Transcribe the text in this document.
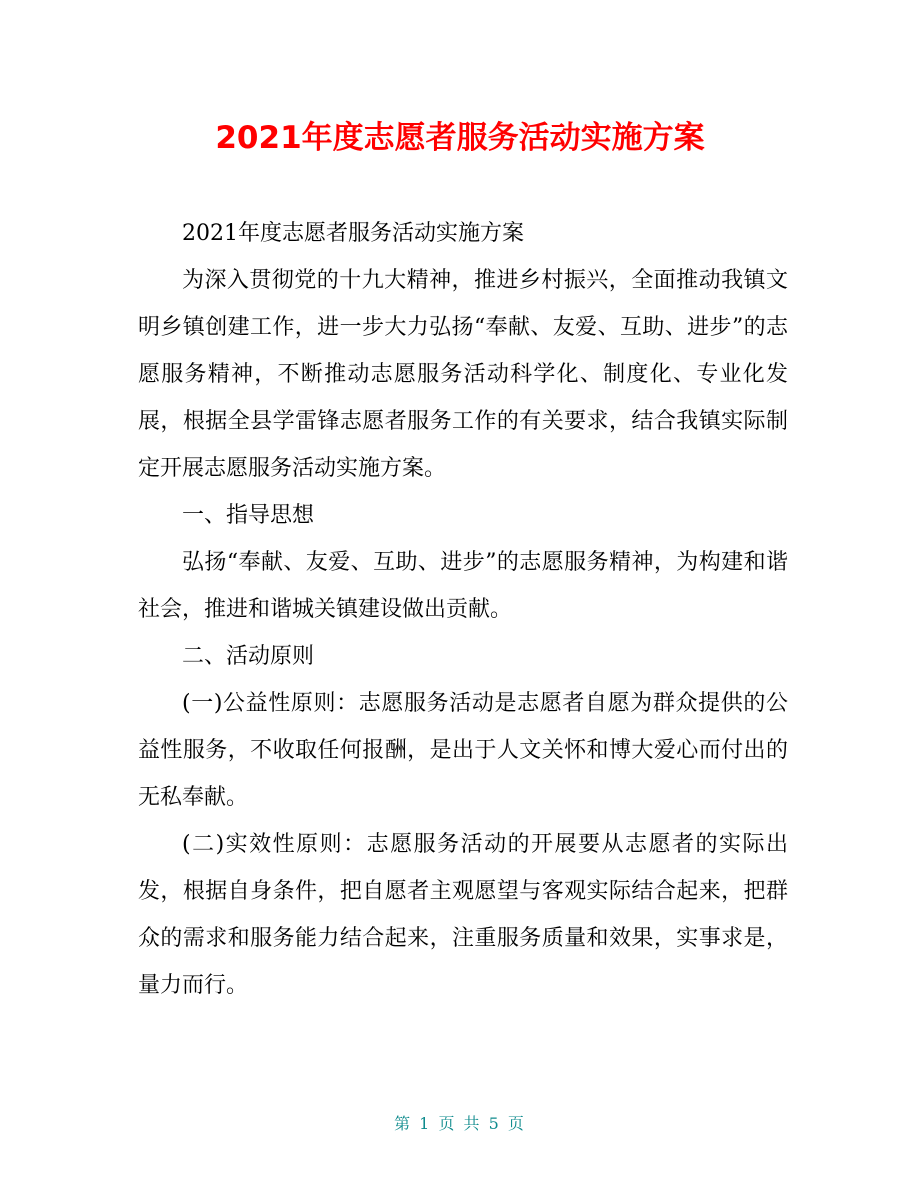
2021年度志愿者服务活动实施方案

2021年度志愿者服务活动实施方案

为深入贯彻党的十九大精神，推进乡村振兴，全面推动我镇文明乡镇创建工作，进一步大力弘扬“奉献、友爱、互助、进步”的志愿服务精神，不断推动志愿服务活动科学化、制度化、专业化发展，根据全县学雷锋志愿者服务工作的有关要求，结合我镇实际制定开展志愿服务活动实施方案。

一、指导思想

弘扬“奉献、友爱、互助、进步”的志愿服务精神，为构建和谐社会，推进和谐城关镇建设做出贡献。

二、活动原则

(一)公益性原则：志愿服务活动是志愿者自愿为群众提供的公益性服务，不收取任何报酬，是出于人文关怀和博大爱心而付出的无私奉献。

(二)实效性原则：志愿服务活动的开展要从志愿者的实际出发，根据自身条件，把自愿者主观愿望与客观实际结合起来，把群众的需求和服务能力结合起来，注重服务质量和效果，实事求是，量力而行。

第 1 页 共 5 页
